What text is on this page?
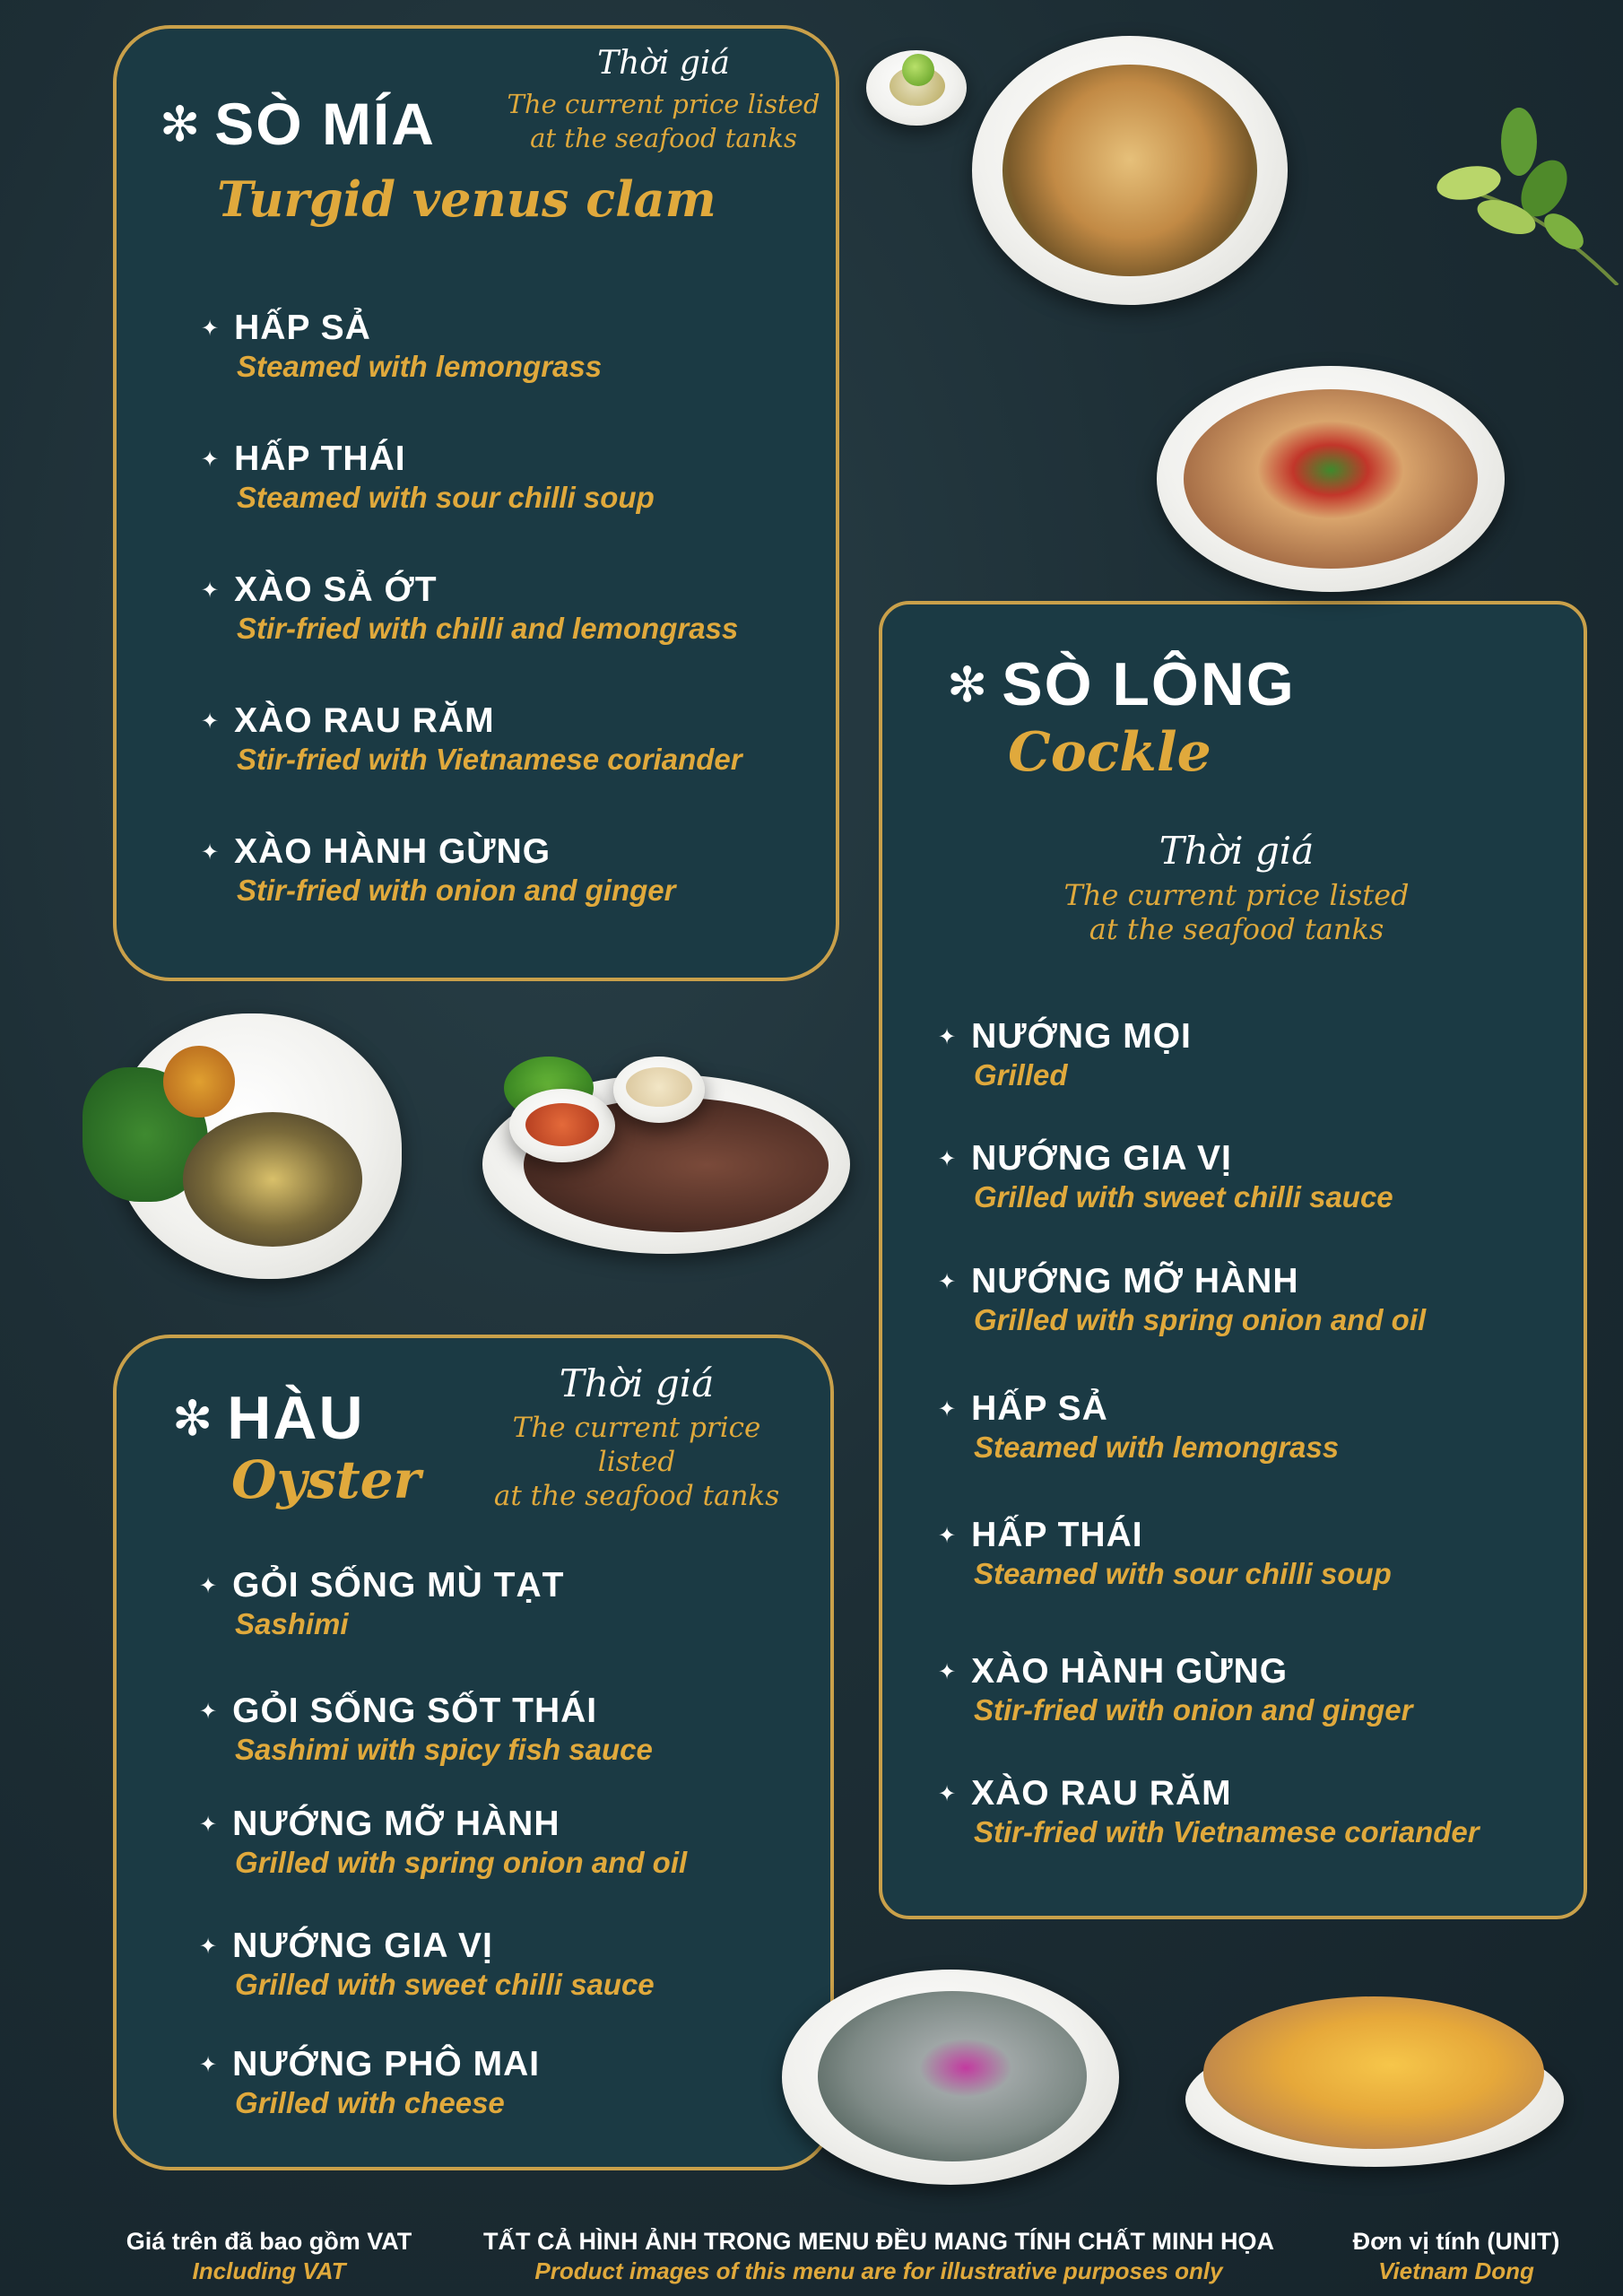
✻ SÒ MÍA
Turgid venus clam
Thời giá
The current price listed
at the seafood tanks
✦ HẤP SẢ
Steamed with lemongrass
✦ HẤP THÁI
Steamed with sour chilli soup
✦ XÀO SẢ ỚT
Stir-fried with chilli and lemongrass
✦ XÀO RAU RĂM
Stir-fried with Vietnamese coriander
✦ XÀO HÀNH GỪNG
Stir-fried with onion and ginger
✻ SÒ LÔNG
Cockle
Thời giá
The current price listed
at the seafood tanks
✦ NƯỚNG MỌI
Grilled
✦ NƯỚNG GIA VỊ
Grilled with sweet chilli sauce
✦ NƯỚNG MỠ HÀNH
Grilled with spring onion and oil
✦ HẤP SẢ
Steamed with lemongrass
✦ HẤP THÁI
Steamed with sour chilli soup
✦ XÀO HÀNH GỪNG
Stir-fried with onion and ginger
✦ XÀO RAU RĂM
Stir-fried with Vietnamese coriander
✻ HÀU
Oyster
Thời giá
The current price listed
at the seafood tanks
✦ GỎI SỐNG MÙ TẠT
Sashimi
✦ GỎI SỐNG SỐT THÁI
Sashimi with spicy fish sauce
✦ NƯỚNG MỠ HÀNH
Grilled with spring onion and oil
✦ NƯỚNG GIA VỊ
Grilled with sweet chilli sauce
✦ NƯỚNG PHÔ MAI
Grilled with cheese
Giá trên đã bao gồm VAT
Including VAT
TẤT CẢ HÌNH ẢNH TRONG MENU ĐỀU MANG TÍNH CHẤT MINH HỌA
Product images of this menu are for illustrative purposes only
Đơn vị tính (UNIT)
Vietnam Dong
